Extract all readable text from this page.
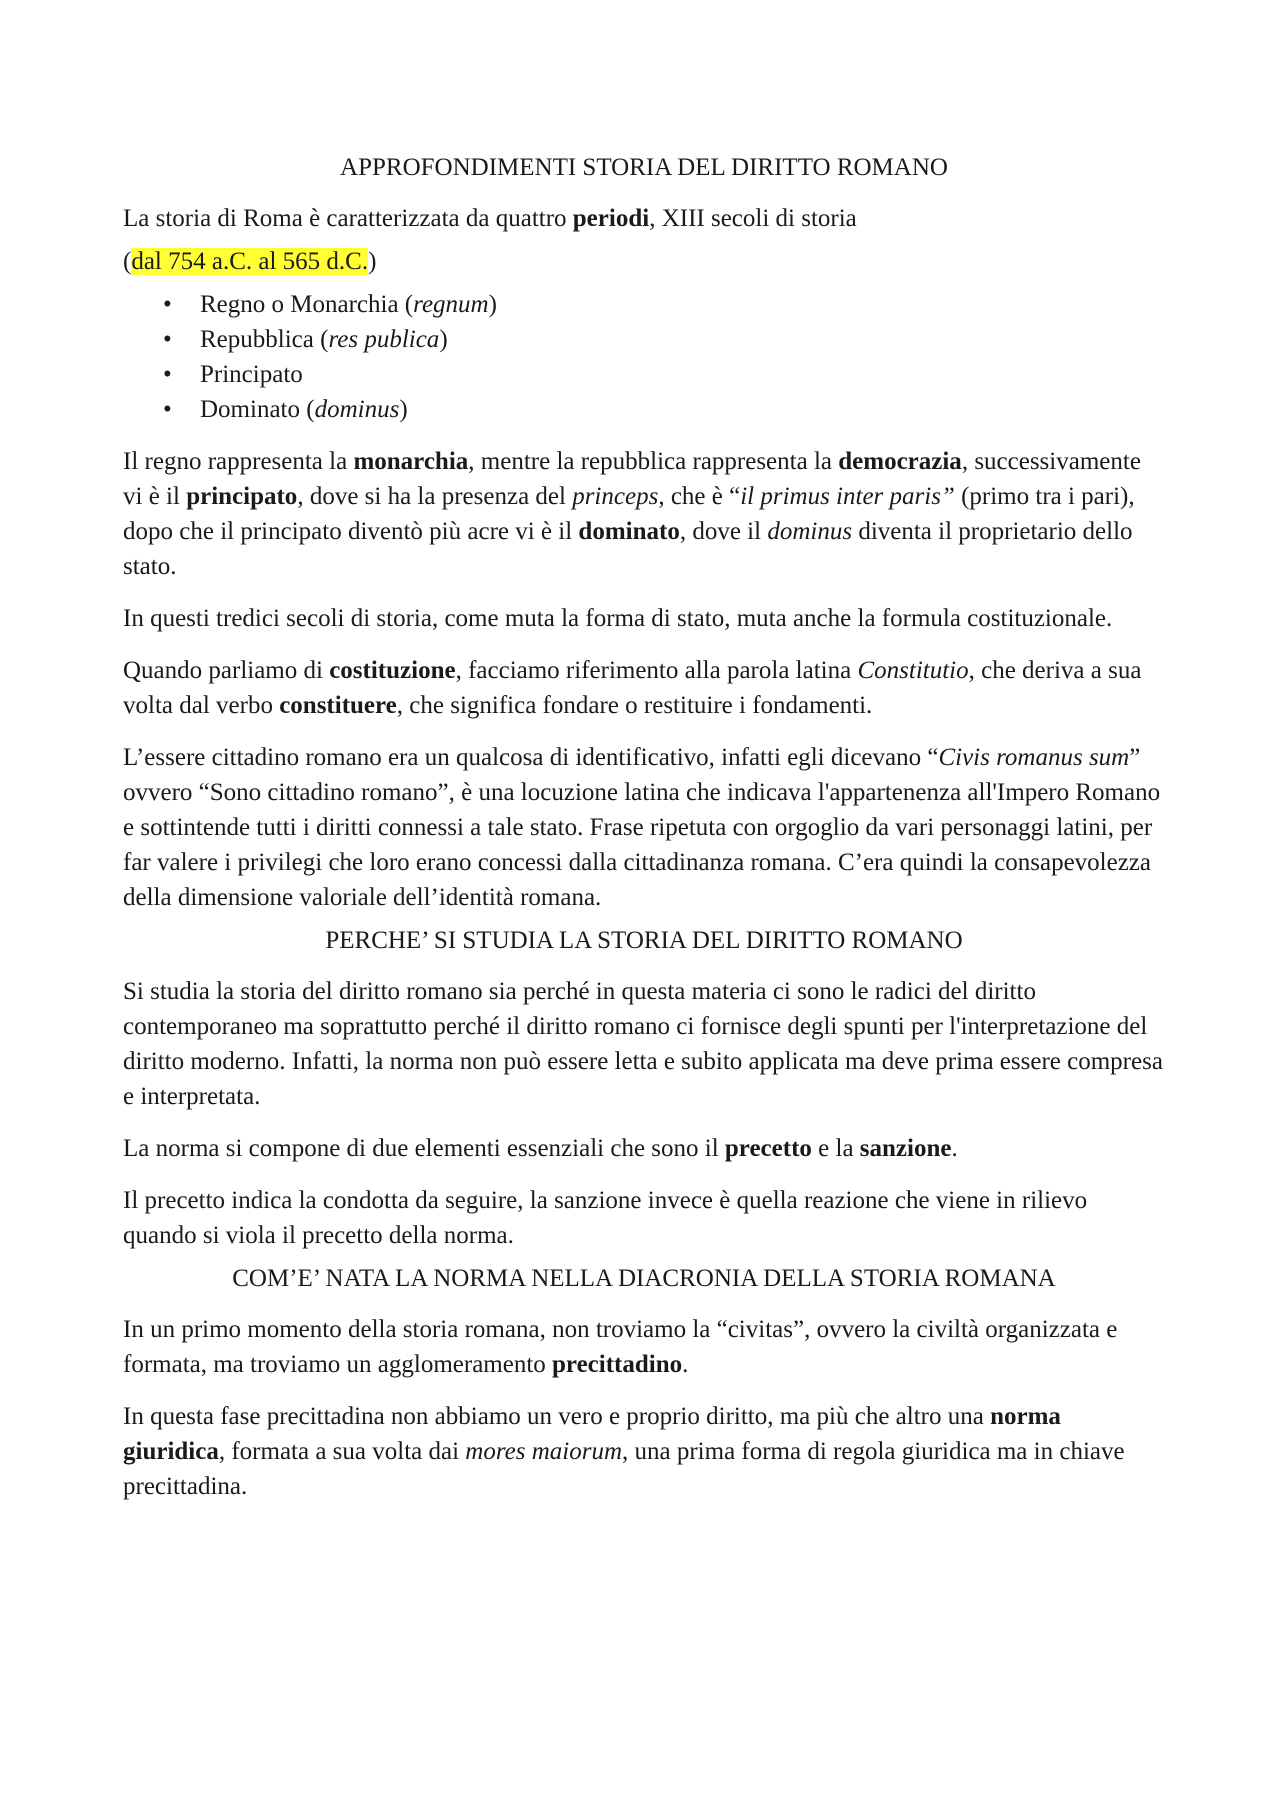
APPROFONDIMENTI STORIA DEL DIRITTO ROMANO

La storia di Roma è caratterizzata da quattro periodi, XIII secoli di storia

(dal 754 a.C. al 565 d.C.)

• Regno o Monarchia (regnum)
• Repubblica (res publica)
• Principato
• Dominato (dominus)

Il regno rappresenta la monarchia, mentre la repubblica rappresenta la democrazia, successivamente vi è il principato, dove si ha la presenza del princeps, che è “il primus inter paris” (primo tra i pari), dopo che il principato diventò più acre vi è il dominato, dove il dominus diventa il proprietario dello stato.

In questi tredici secoli di storia, come muta la forma di stato, muta anche la formula costituzionale.

Quando parliamo di costituzione, facciamo riferimento alla parola latina Constitutio, che deriva a sua volta dal verbo constituere, che significa fondare o restituire i fondamenti.

L’essere cittadino romano era un qualcosa di identificativo, infatti egli dicevano “Civis romanus sum” ovvero “Sono cittadino romano”, è una locuzione latina che indicava l'appartenenza all'Impero Romano e sottintende tutti i diritti connessi a tale stato. Frase ripetuta con orgoglio da vari personaggi latini, per far valere i privilegi che loro erano concessi dalla cittadinanza romana. C’era quindi la consapevolezza della dimensione valoriale dell’identità romana.

PERCHE’ SI STUDIA LA STORIA DEL DIRITTO ROMANO

Si studia la storia del diritto romano sia perché in questa materia ci sono le radici del diritto contemporaneo ma soprattutto perché il diritto romano ci fornisce degli spunti per l'interpretazione del diritto moderno. Infatti, la norma non può essere letta e subito applicata ma deve prima essere compresa e interpretata.

La norma si compone di due elementi essenziali che sono il precetto e la sanzione.

Il precetto indica la condotta da seguire, la sanzione invece è quella reazione che viene in rilievo quando si viola il precetto della norma.

COM’E’ NATA LA NORMA NELLA DIACRONIA DELLA STORIA ROMANA

In un primo momento della storia romana, non troviamo la “civitas”, ovvero la civiltà organizzata e formata, ma troviamo un agglomeramento precittadino.

In questa fase precittadina non abbiamo un vero e proprio diritto, ma più che altro una norma giuridica, formata a sua volta dai mores maiorum, una prima forma di regola giuridica ma in chiave precittadina.
